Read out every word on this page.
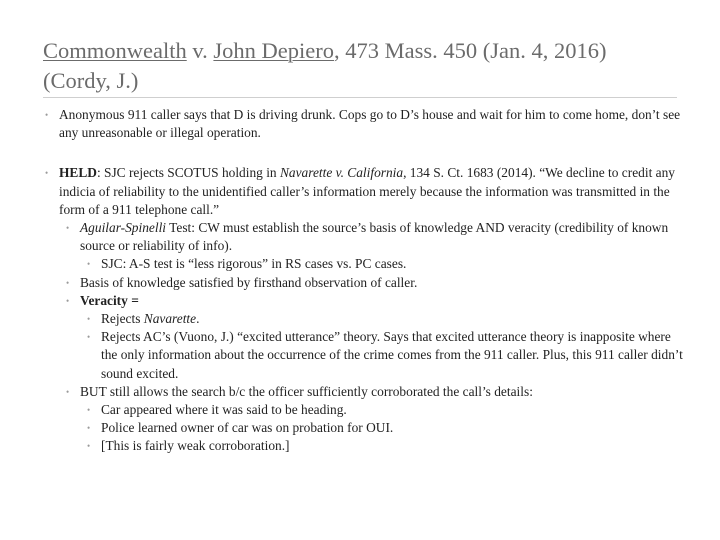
Commonwealth v. John Depiero, 473 Mass. 450 (Jan. 4, 2016)
(Cordy, J.)
• Anonymous 911 caller says that D is driving drunk. Cops go to D’s house and wait for him to come home, don’t see any unreasonable or illegal operation.
• HELD: SJC rejects SCOTUS holding in Navarette v. California, 134 S. Ct. 1683 (2014). “We decline to credit any indicia of reliability to the unidentified caller’s information merely because the information was transmitted in the form of a 911 telephone call.”
• Aguilar-Spinelli Test: CW must establish the source’s basis of knowledge AND veracity (credibility of known source or reliability of info).
• SJC: A-S test is “less rigorous” in RS cases vs. PC cases.
• Basis of knowledge satisfied by firsthand observation of caller.
• Veracity =
• Rejects Navarette.
• Rejects AC’s (Vuono, J.) “excited utterance” theory. Says that excited utterance theory is inapposite where the only information about the occurrence of the crime comes from the 911 caller. Plus, this 911 caller didn’t sound excited.
• BUT still allows the search b/c the officer sufficiently corroborated the call’s details:
• Car appeared where it was said to be heading.
• Police learned owner of car was on probation for OUI.
• [This is fairly weak corroboration.]
